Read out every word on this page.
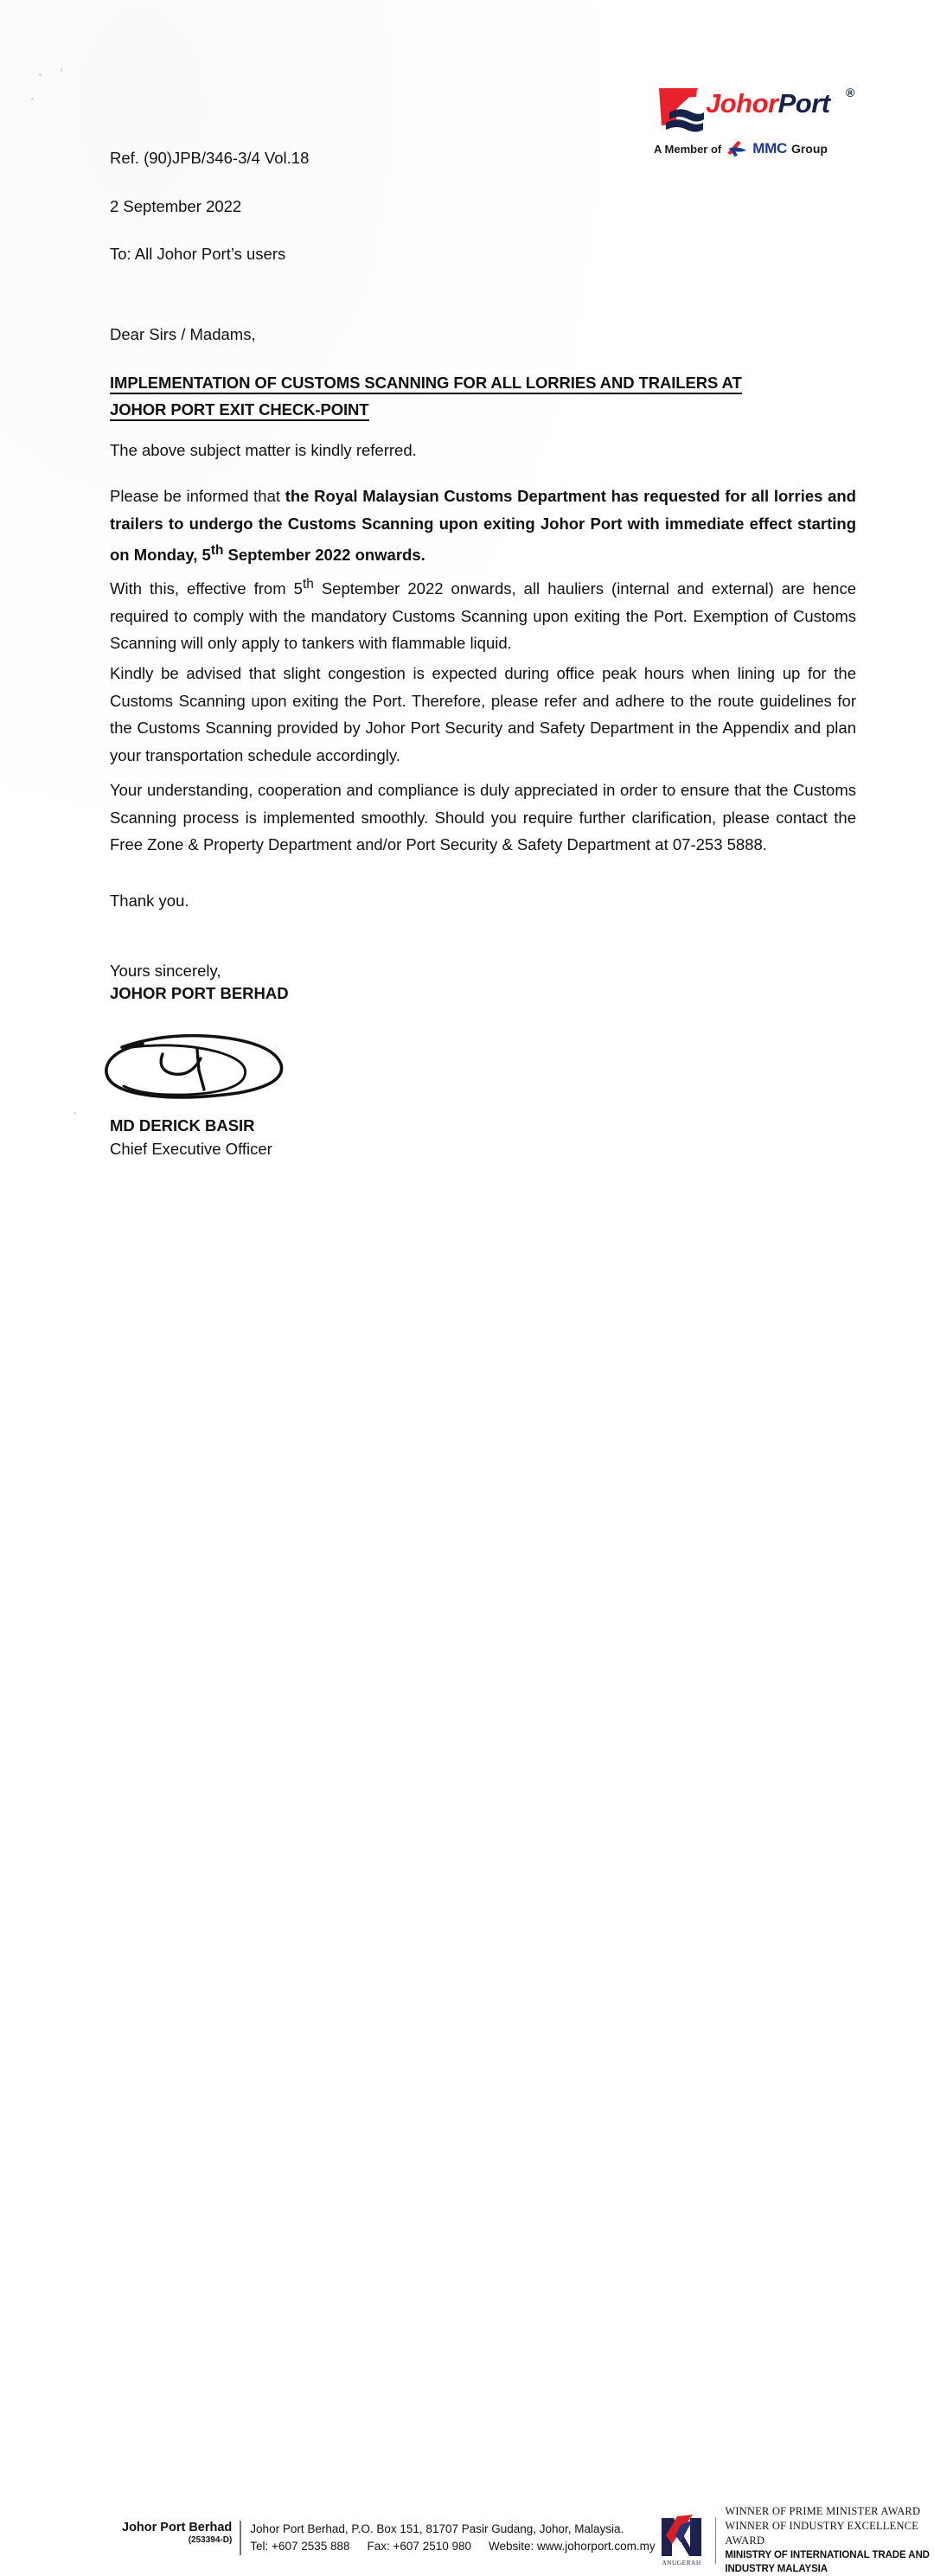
JohorPort ®
A Member of MMC Group
Ref. (90)JPB/346-3/4 Vol.18
2 September 2022
To: All Johor Port’s users
Dear Sirs / Madams,
IMPLEMENTATION OF CUSTOMS SCANNING FOR ALL LORRIES AND TRAILERS AT
JOHOR PORT EXIT CHECK-POINT
The above subject matter is kindly referred.
Please be informed that the Royal Malaysian Customs Department has requested for all lorries and trailers to undergo the Customs Scanning upon exiting Johor Port with immediate effect starting on Monday, 5th September 2022 onwards.
With this, effective from 5th September 2022 onwards, all hauliers (internal and external) are hence required to comply with the mandatory Customs Scanning upon exiting the Port. Exemption of Customs Scanning will only apply to tankers with flammable liquid.
Kindly be advised that slight congestion is expected during office peak hours when lining up for the Customs Scanning upon exiting the Port. Therefore, please refer and adhere to the route guidelines for the Customs Scanning provided by Johor Port Security and Safety Department in the Appendix and plan your transportation schedule accordingly.
Your understanding, cooperation and compliance is duly appreciated in order to ensure that the Customs Scanning process is implemented smoothly. Should you require further clarification, please contact the Free Zone & Property Department and/or Port Security & Safety Department at 07-253 5888.
Thank you.
Yours sincerely,
JOHOR PORT BERHAD
MD DERICK BASIR
Chief Executive Officer
Johor Port Berhad
(253394-D)
Johor Port Berhad, P.O. Box 151, 81707 Pasir Gudang, Johor, Malaysia.
Tel: +607 2535 888 Fax: +607 2510 980 Website: www.johorport.com.my
ANUGERAH
WINNER OF PRIME MINISTER AWARD
WINNER OF INDUSTRY EXCELLENCE AWARD
MINISTRY OF INTERNATIONAL TRADE AND INDUSTRY MALAYSIA
